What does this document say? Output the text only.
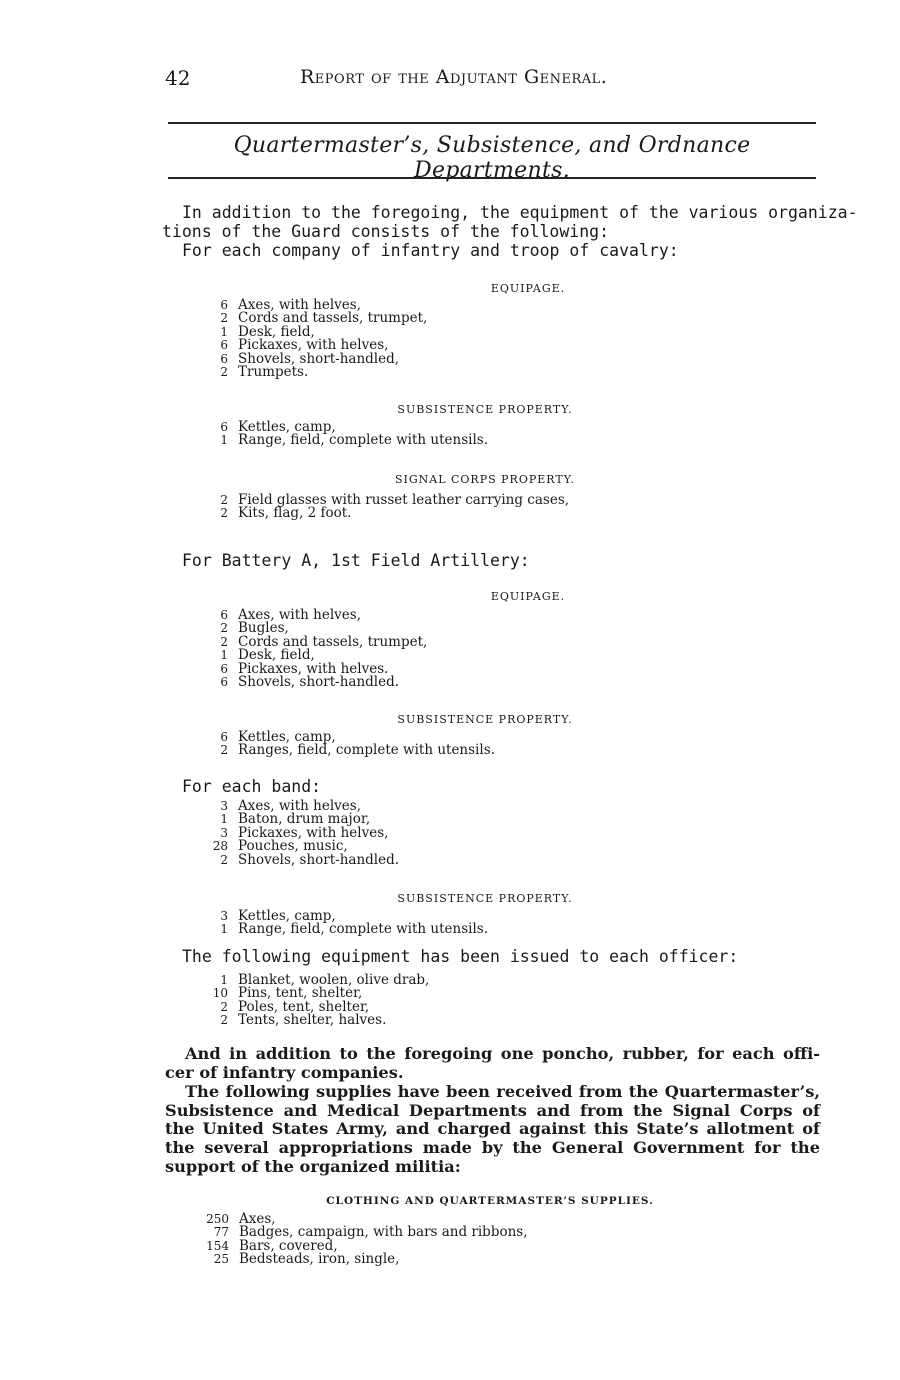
42	Report of the Adjutant General.
Quartermaster’s, Subsistence, and Ordnance Departments.
In addition to the foregoing, the equipment of the various organiza-
tions of the Guard consists of the following:
For each company of infantry and troop of cavalry:
EQUIPAGE.
6 Axes, with helves,
2 Cords and tassels, trumpet,
1 Desk, field,
6 Pickaxes, with helves,
6 Shovels, short-handled,
2 Trumpets.
SUBSISTENCE PROPERTY.
6 Kettles, camp,
1 Range, field, complete with utensils.
SIGNAL CORPS PROPERTY.
2 Field glasses with russet leather carrying cases,
2 Kits, flag, 2 foot.
For Battery A, 1st Field Artillery:
EQUIPAGE.
6 Axes, with helves,
2 Bugles,
2 Cords and tassels, trumpet,
1 Desk, field,
6 Pickaxes, with helves.
6 Shovels, short-handled.
SUBSISTENCE PROPERTY.
6 Kettles, camp,
2 Ranges, field, complete with utensils.
For each band:
3 Axes, with helves,
1 Baton, drum major,
3 Pickaxes, with helves,
28 Pouches, music,
2 Shovels, short-handled.
SUBSISTENCE PROPERTY.
3 Kettles, camp,
1 Range, field, complete with utensils.
The following equipment has been issued to each officer:
1 Blanket, woolen, olive drab,
10 Pins, tent, shelter,
2 Poles, tent, shelter,
2 Tents, shelter, halves.
And in addition to the foregoing one poncho, rubber, for each offi-
cer of infantry companies.
The following supplies have been received from the Quartermaster’s,
Subsistence and Medical Departments and from the Signal Corps of
the United States Army, and charged against this State’s allotment of
the several appropriations made by the General Government for the
support of the organized militia:
CLOTHING AND QUARTERMASTER’S SUPPLIES.
250 Axes,
77 Badges, campaign, with bars and ribbons,
154 Bars, covered,
25 Bedsteads, iron, single,
